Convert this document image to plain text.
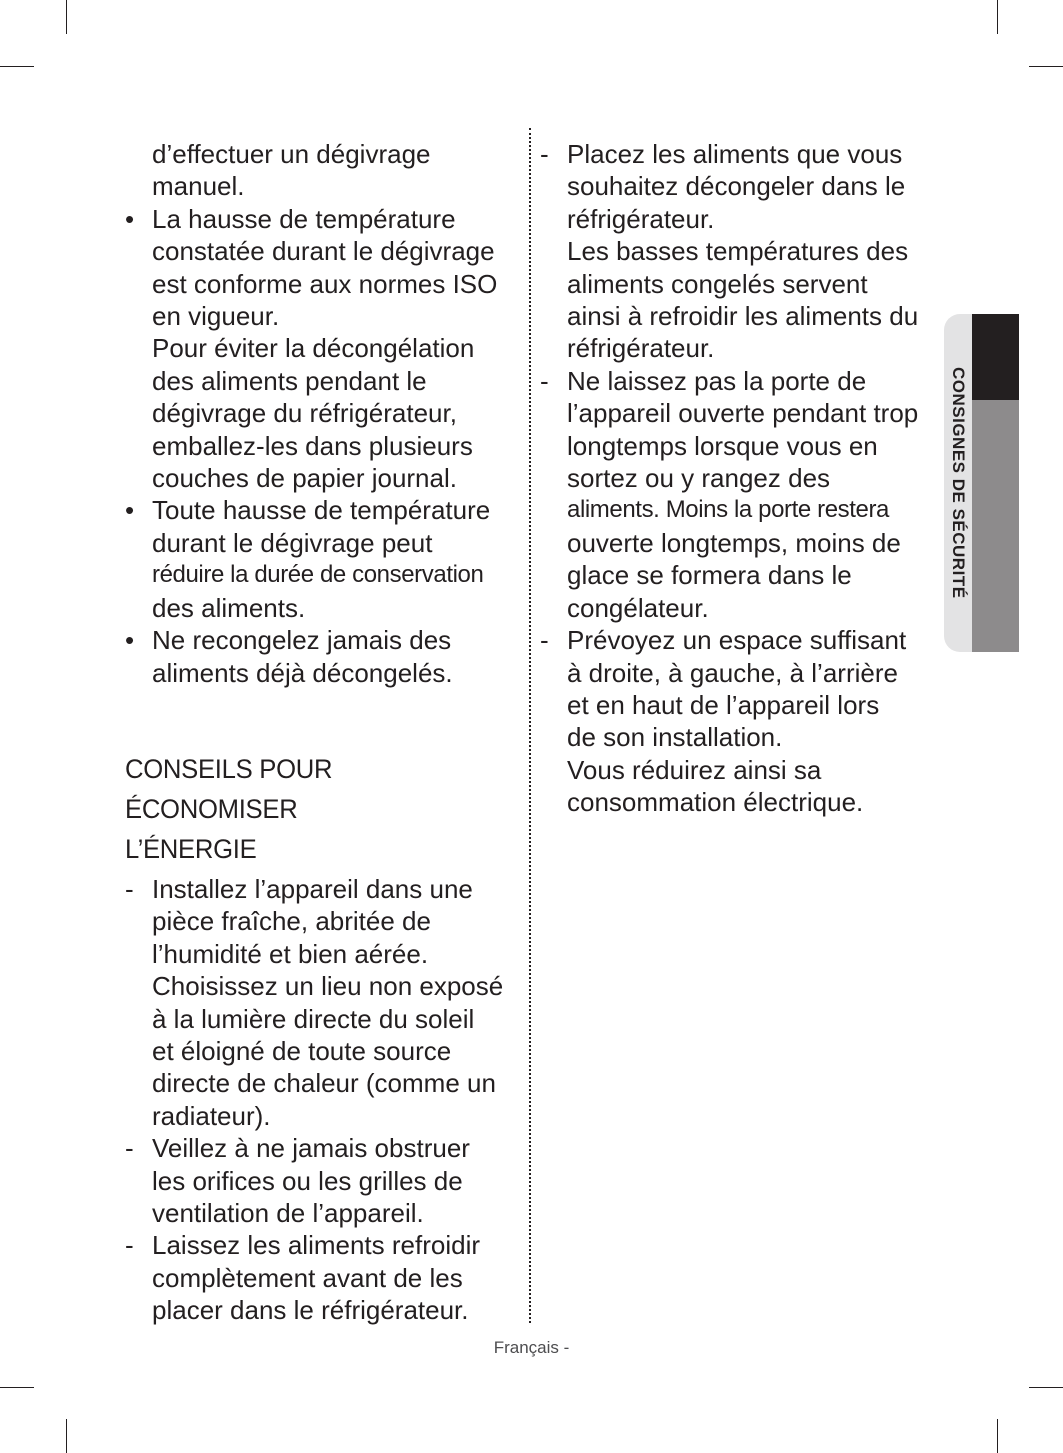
d’effectuer un dégivrage
manuel.
• La hausse de température
constatée durant le dégivrage
est conforme aux normes ISO
en vigueur.
Pour éviter la décongélation
des aliments pendant le
dégivrage du réfrigérateur,
emballez-les dans plusieurs
couches de papier journal.
• Toute hausse de température
durant le dégivrage peut
réduire la durée de conservation
des aliments.
• Ne recongelez jamais des
aliments déjà décongelés.
CONSEILS POUR ÉCONOMISER
L’ÉNERGIE
- Installez l’appareil dans une
pièce fraîche, abritée de
l’humidité et bien aérée.
Choisissez un lieu non exposé
à la lumière directe du soleil
et éloigné de toute source
directe de chaleur (comme un
radiateur).
- Veillez à ne jamais obstruer
les orifices ou les grilles de
ventilation de l’appareil.
- Laissez les aliments refroidir
complètement avant de les
placer dans le réfrigérateur.
- Placez les aliments que vous
souhaitez décongeler dans le
réfrigérateur.
Les basses températures des
aliments congelés servent
ainsi à refroidir les aliments du
réfrigérateur.
- Ne laissez pas la porte de
l’appareil ouverte pendant trop
longtemps lorsque vous en
sortez ou y rangez des
aliments. Moins la porte restera
ouverte longtemps, moins de
glace se formera dans le
congélateur.
- Prévoyez un espace suffisant
à droite, à gauche, à l’arrière
et en haut de l’appareil lors
de son installation.
Vous réduirez ainsi sa
consommation électrique.
CONSIGNES DE SÉCURITÉ
Français -
